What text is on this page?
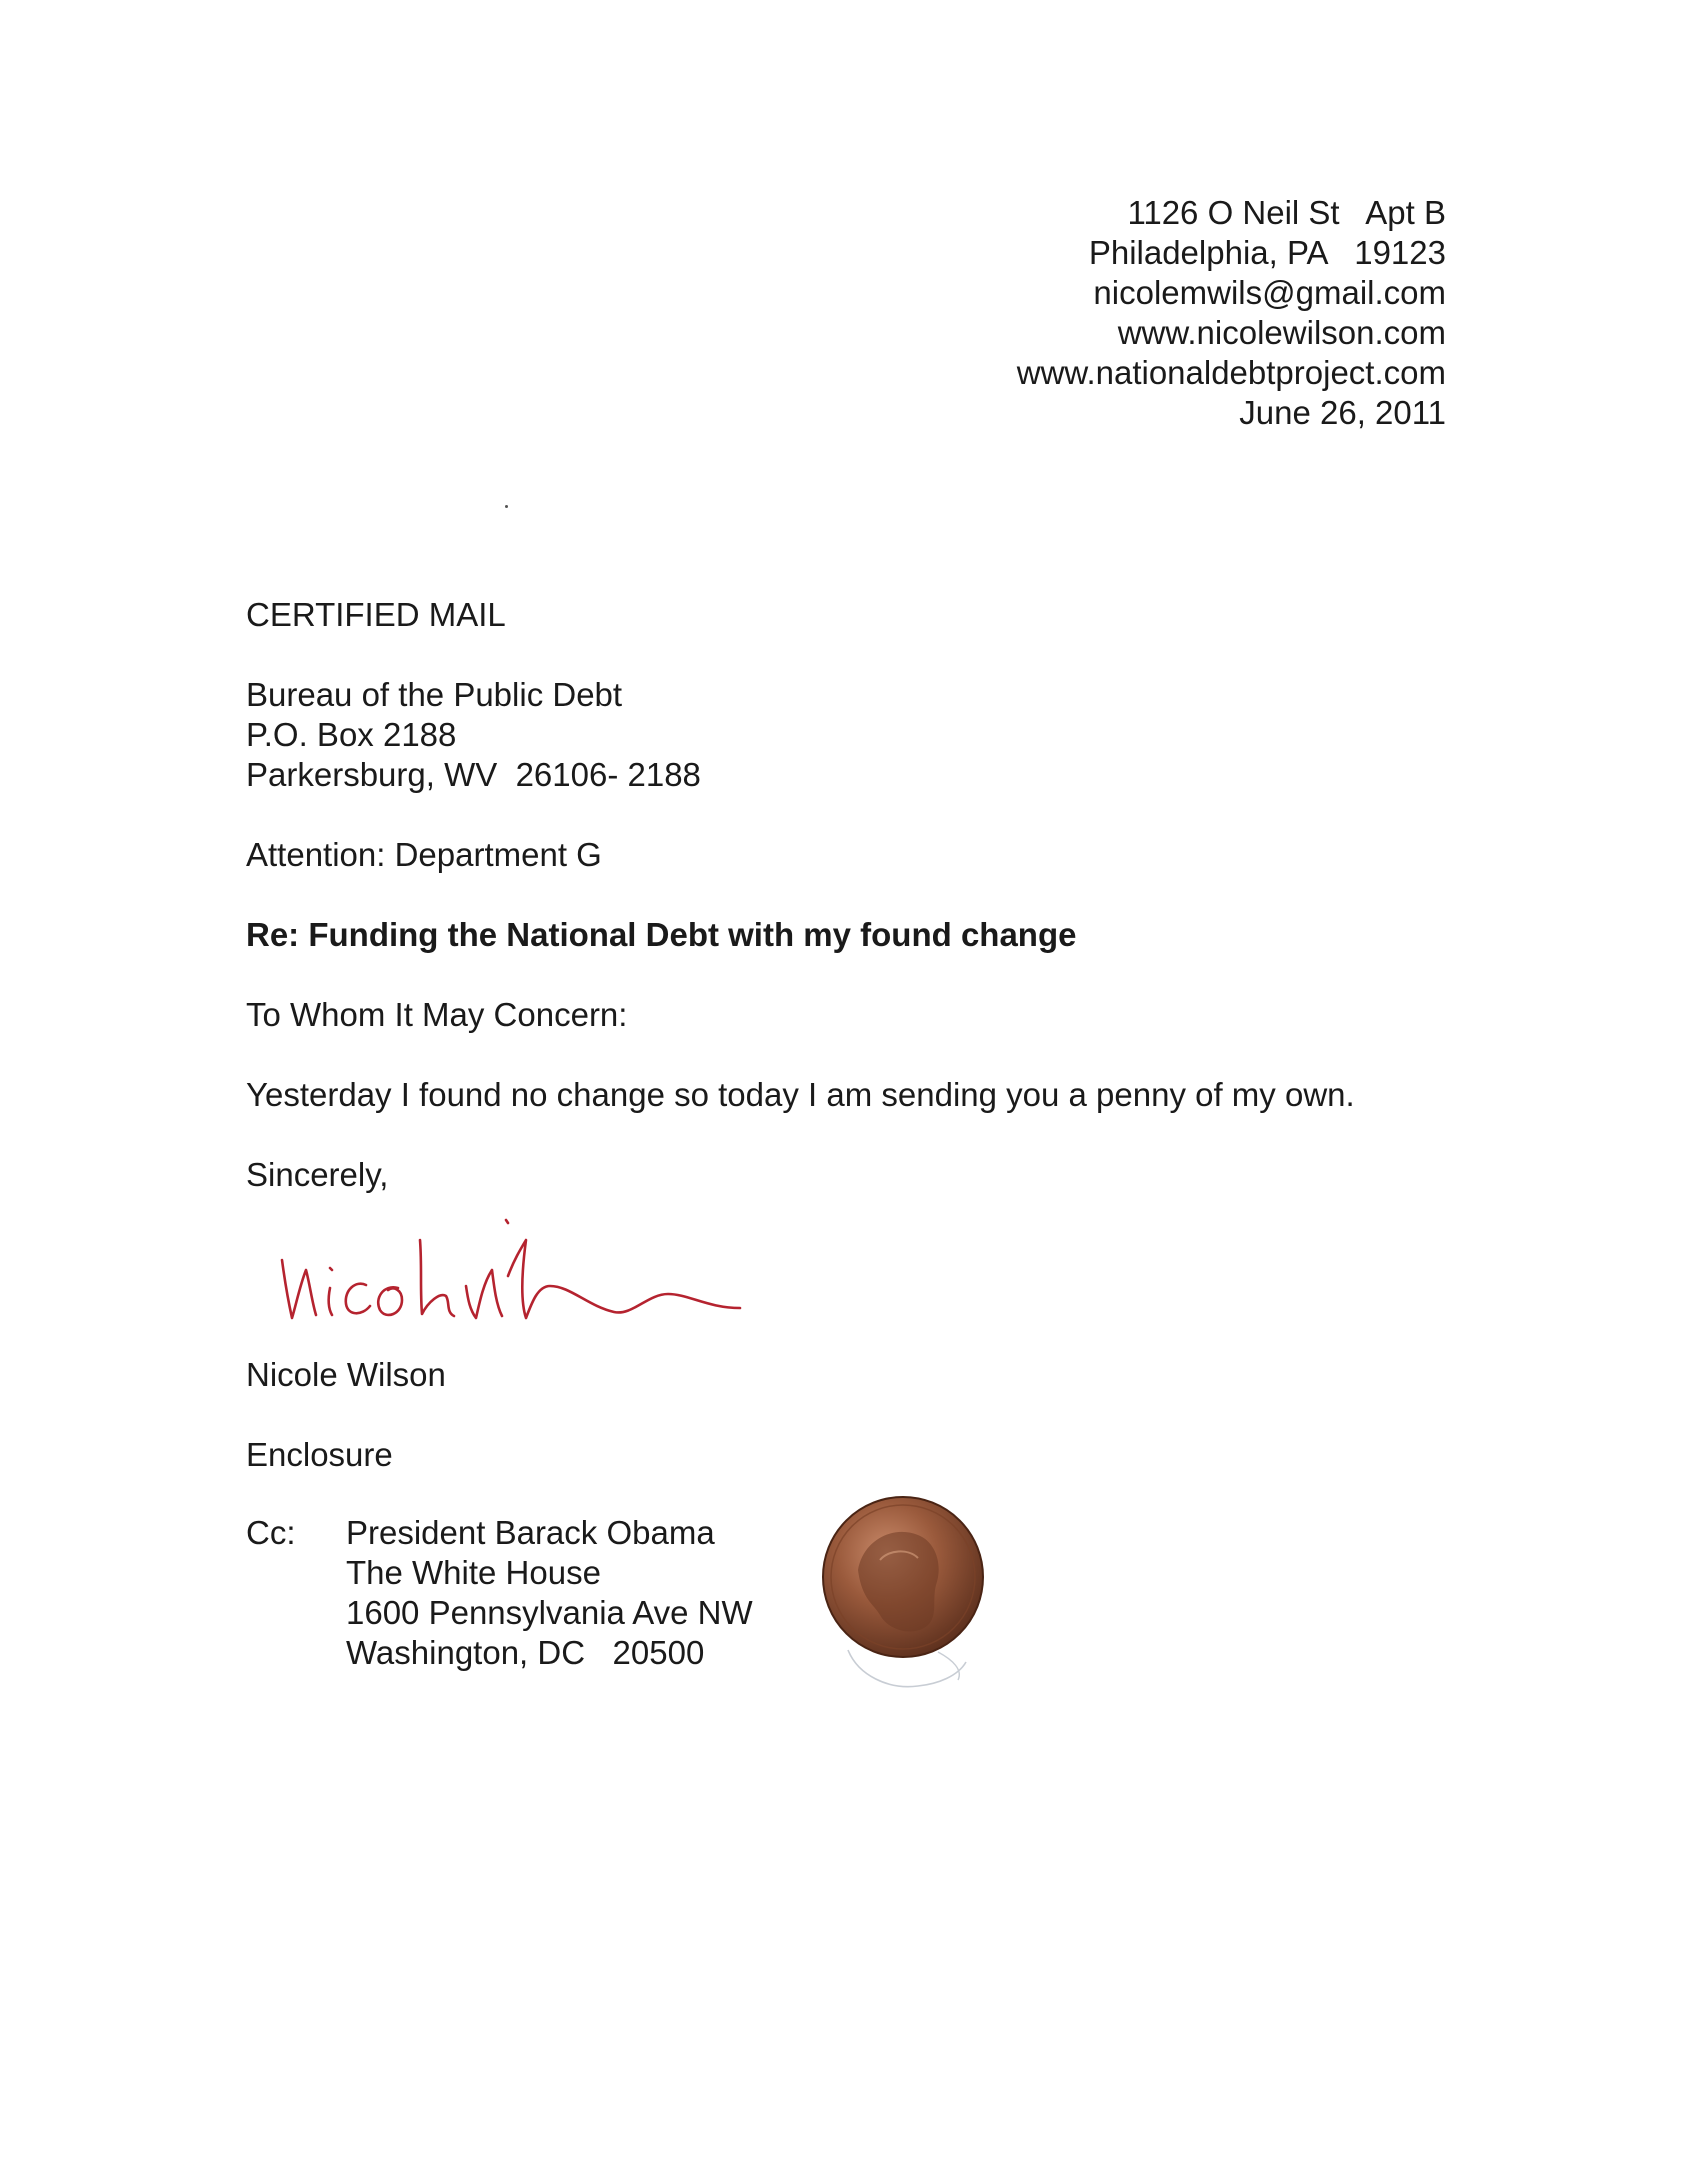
1126 O Neil St   Apt B
Philadelphia, PA   19123
nicolemwils@gmail.com
www.nicolewilson.com
www.nationaldebtproject.com
June 26, 2011
CERTIFIED MAIL
Bureau of the Public Debt
P.O. Box 2188
Parkersburg, WV  26106- 2188
Attention: Department G
Re: Funding the National Debt with my found change
To Whom It May Concern:
Yesterday I found no change so today I am sending you a penny of my own.
Sincerely,
Nicole Wilson
Enclosure
Cc: President Barack Obama
The White House
1600 Pennsylvania Ave NW
Washington, DC   20500
